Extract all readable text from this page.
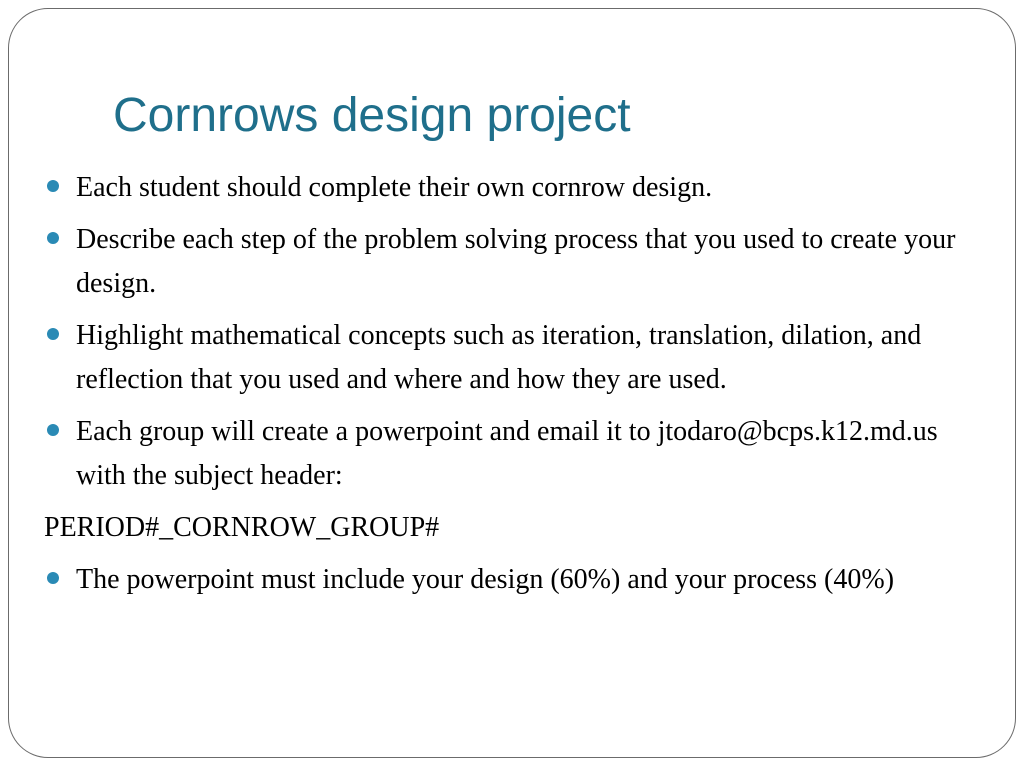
Cornrows design project
Each student should complete their own cornrow design.
Describe each step of the problem solving process that you used to create your design.
Highlight mathematical concepts such as iteration, translation, dilation, and reflection that you used and where and how they are used.
Each group will create a powerpoint and email it to jtodaro@bcps.k12.md.us with the subject header:
PERIOD#_CORNROW_GROUP#
The powerpoint must include your design (60%) and your process (40%)
